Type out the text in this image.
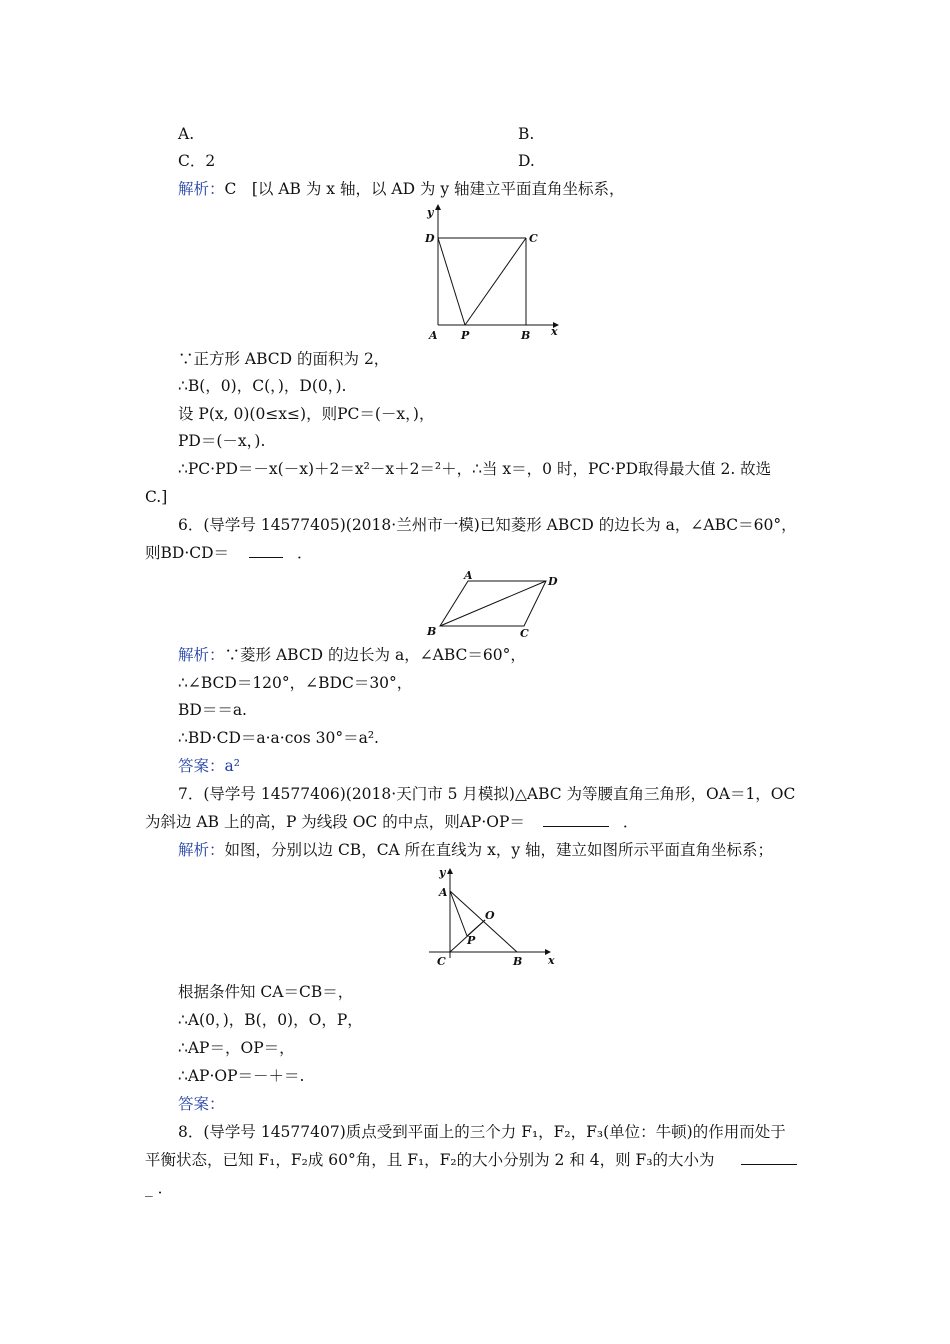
A.	B.
C．2	D.
解析：C　[以 AB 为 x 轴，以 AD 为 y 轴建立平面直角坐标系，
y
x
D	C
A P	B
∵正方形 ABCD 的面积为 2，
∴B(，0)，C(，)，D(0，).
设 P(x, 0)(0≤x≤)，则PC＝(－x，)，
PD＝(－x，).
∴PC·PD＝－x(－x)＋2＝x²－x＋2＝²＋，∴当 x＝，0 时，PC·PD取得最大值 2. 故选
C.]
6．(导学号 14577405)(2018·兰州市一模)已知菱形 ABCD 的边长为 a，∠ABC＝60°，
则BD·CD＝	．
A	D
B	C
解析：∵菱形 ABCD 的边长为 a，∠ABC＝60°，
∴∠BCD＝120°，∠BDC＝30°，
BD＝＝a.
∴BD·CD＝a·a·cos 30°＝a².
答案：a²
7．(导学号 14577406)(2018·天门市 5 月模拟)△ABC 为等腰直角三角形，OA＝1，OC
为斜边 AB 上的高，P 为线段 OC 的中点，则AP·OP＝	．
解析：如图，分别以边 CB，CA 所在直线为 x，y 轴，建立如图所示平面直角坐标系；
y
x
A
O
P
C	B
根据条件知 CA＝CB＝，
∴A(0，)，B(，0)，O，P，
∴AP＝，OP＝，
∴AP·OP＝－＋＝.
答案：
8．(导学号 14577407)质点受到平面上的三个力 F₁，F₂，F₃(单位：牛顿)的作用而处于
平衡状态，已知 F₁，F₂成 60°角，且 F₁，F₂的大小分别为 2 和 4，则 F₃的大小为
_ ．
